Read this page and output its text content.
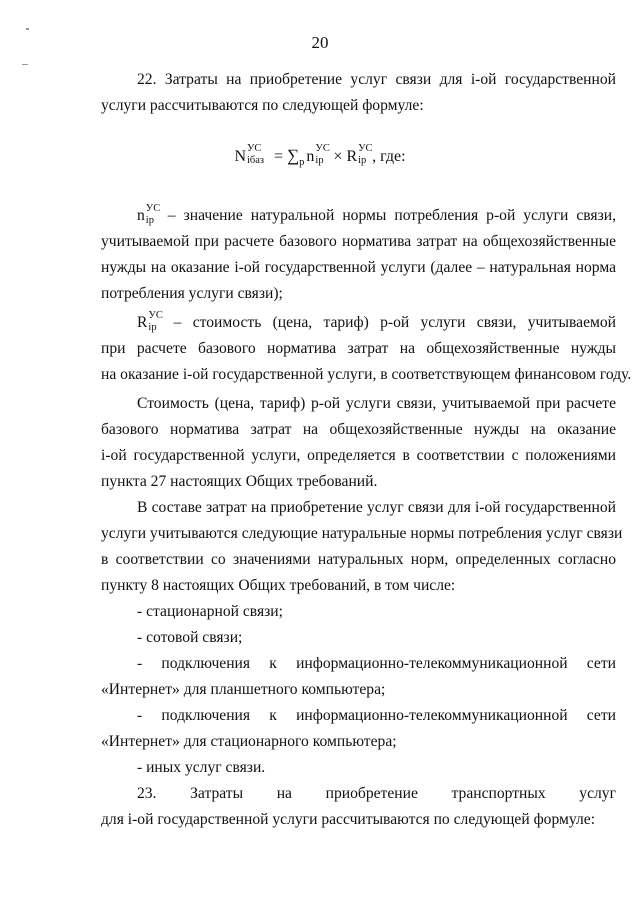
20
22. Затраты на приобретение услуг связи для i-ой государственной
услуги рассчитываются по следующей формуле:
N УС
iбаз = $\sum_p$ n УС
ip × R УС
ip , где:
n УС
ip – значение натуральной нормы потребления р-ой услуги связи,
учитываемой при расчете базового норматива затрат на общехозяйственные
нужды на оказание i-ой государственной услуги (далее – натуральная норма
потребления услуги связи);
R УС
ip – стоимость (цена, тариф) р-ой услуги связи, учитываемой
при расчете базового норматива затрат на общехозяйственные нужды
на оказание i-ой государственной услуги, в соответствующем финансовом году.
Стоимость (цена, тариф) р-ой услуги связи, учитываемой при расчете
базового норматива затрат на общехозяйственные нужды на оказание
i-ой государственной услуги, определяется в соответствии с положениями
пункта 27 настоящих Общих требований.
В составе затрат на приобретение услуг связи для i-ой государственной
услуги учитываются следующие натуральные нормы потребления услуг связи
в соответствии со значениями натуральных норм, определенных согласно
пункту 8 настоящих Общих требований, в том числе:
- стационарной связи;
- сотовой связи;
- подключения к информационно-телекоммуникационной сети
«Интернет» для планшетного компьютера;
- подключения к информационно-телекоммуникационной сети
«Интернет» для стационарного компьютера;
- иных услуг связи.
23. Затраты на приобретение транспортных услуг
для i-ой государственной услуги рассчитываются по следующей формуле:
